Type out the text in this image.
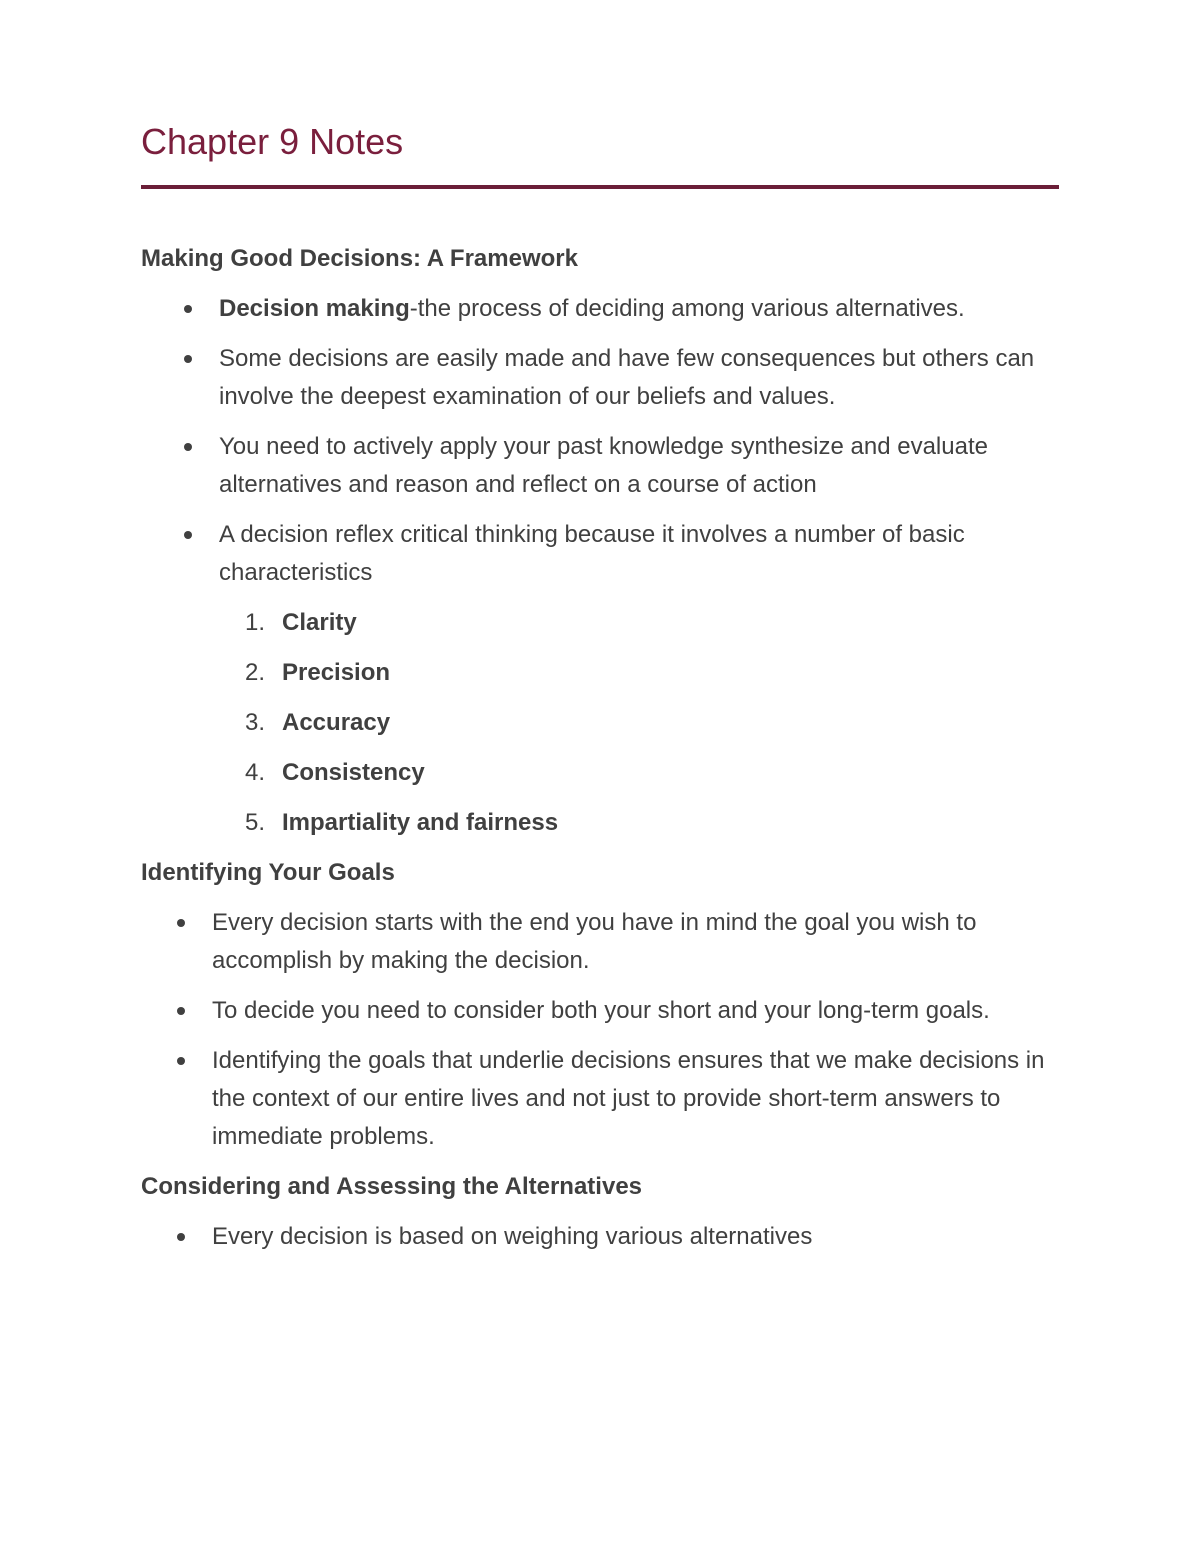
Chapter 9 Notes
Making Good Decisions: A Framework
Decision making-the process of deciding among various alternatives.
Some decisions are easily made and have few consequences but others can involve the deepest examination of our beliefs and values.
You need to actively apply your past knowledge synthesize and evaluate alternatives and reason and reflect on a course of action
A decision reflex critical thinking because it involves a number of basic characteristics
1. Clarity
2. Precision
3. Accuracy
4. Consistency
5. Impartiality and fairness
Identifying Your Goals
Every decision starts with the end you have in mind the goal you wish to accomplish by making the decision.
To decide you need to consider both your short and your long-term goals.
Identifying the goals that underlie decisions ensures that we make decisions in the context of our entire lives and not just to provide short-term answers to immediate problems.
Considering and Assessing the Alternatives
Every decision is based on weighing various alternatives
